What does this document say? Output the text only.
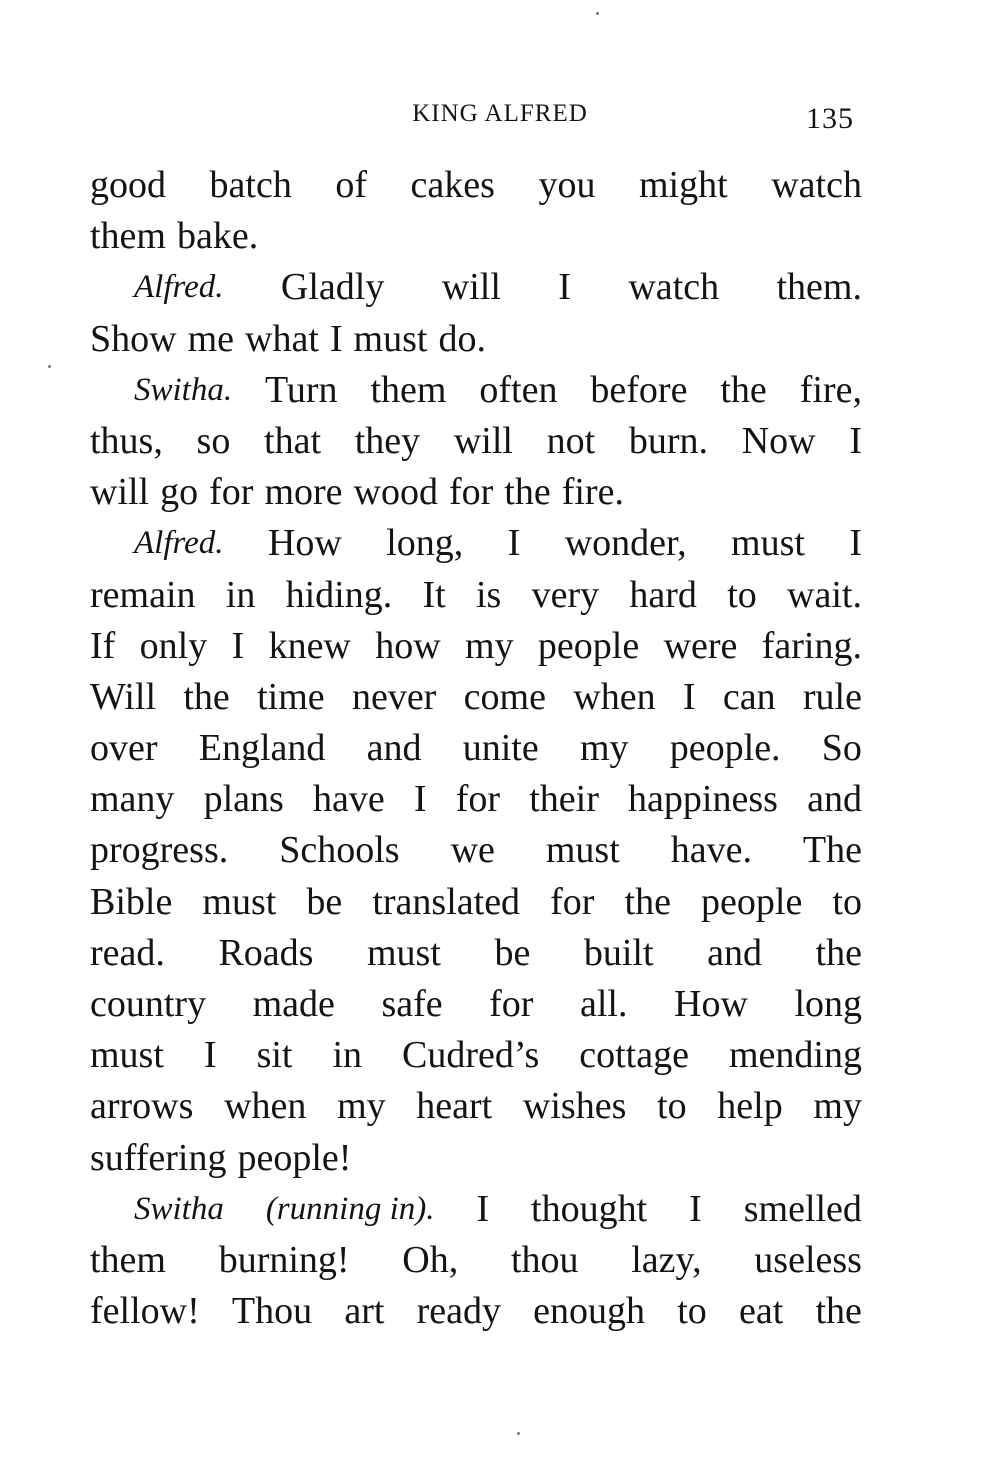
KING ALFRED	135
good batch of cakes you might watch
them bake.
Alfred. Gladly will I watch them.
Show me what I must do.
Switha. Turn them often before the fire,
thus, so that they will not burn. Now I
will go for more wood for the fire.
Alfred. How long, I wonder, must I
remain in hiding. It is very hard to wait.
If only I knew how my people were faring.
Will the time never come when I can rule
over England and unite my people. So
many plans have I for their happiness and
progress. Schools we must have. The
Bible must be translated for the people to
read. Roads must be built and the
country made safe for all. How long
must I sit in Cudred’s cottage mending
arrows when my heart wishes to help my
suffering people!
Switha (running in). I thought I smelled
them burning! Oh, thou lazy, useless
fellow! Thou art ready enough to eat the
